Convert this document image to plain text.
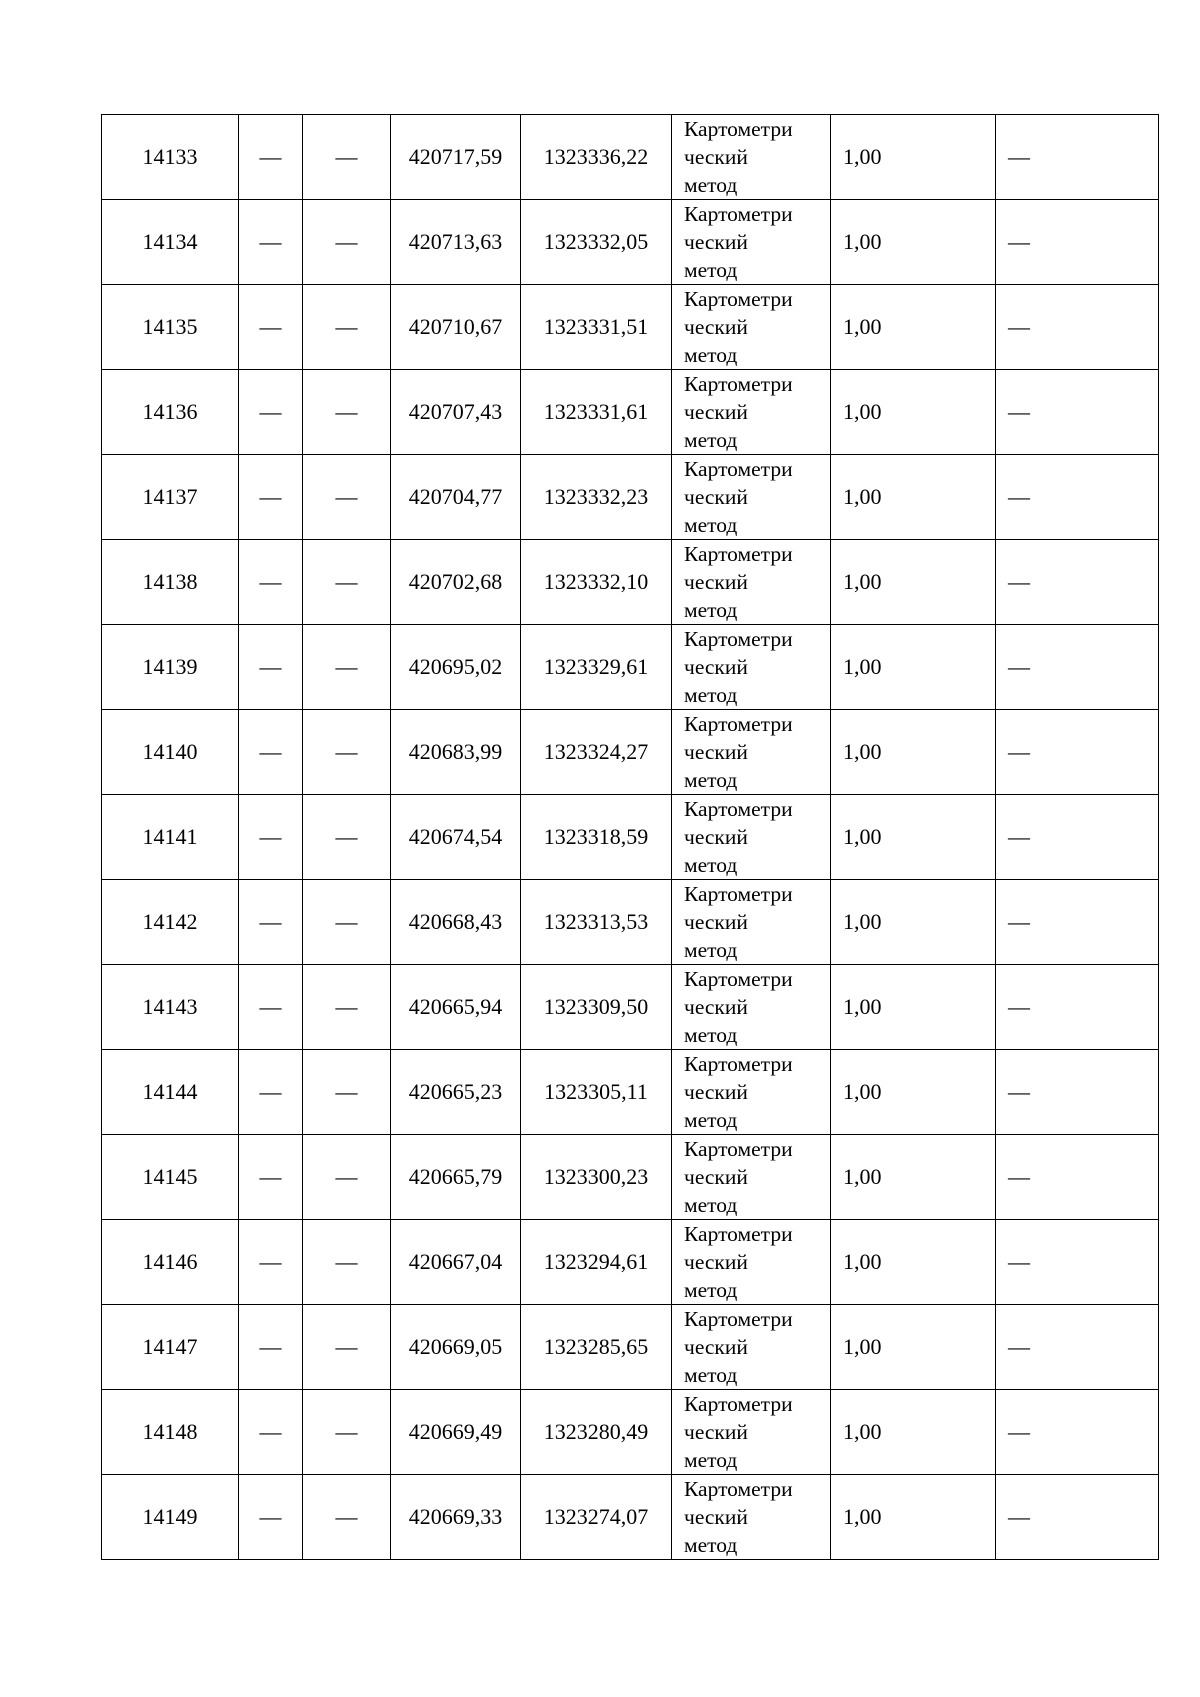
14133	—	—	420717,59	1323336,22	Картометри
ческий
метод	1,00	—
14134	—	—	420713,63	1323332,05	Картометри
ческий
метод	1,00	—
14135	—	—	420710,67	1323331,51	Картометри
ческий
метод	1,00	—
14136	—	—	420707,43	1323331,61	Картометри
ческий
метод	1,00	—
14137	—	—	420704,77	1323332,23	Картометри
ческий
метод	1,00	—
14138	—	—	420702,68	1323332,10	Картометри
ческий
метод	1,00	—
14139	—	—	420695,02	1323329,61	Картометри
ческий
метод	1,00	—
14140	—	—	420683,99	1323324,27	Картометри
ческий
метод	1,00	—
14141	—	—	420674,54	1323318,59	Картометри
ческий
метод	1,00	—
14142	—	—	420668,43	1323313,53	Картометри
ческий
метод	1,00	—
14143	—	—	420665,94	1323309,50	Картометри
ческий
метод	1,00	—
14144	—	—	420665,23	1323305,11	Картометри
ческий
метод	1,00	—
14145	—	—	420665,79	1323300,23	Картометри
ческий
метод	1,00	—
14146	—	—	420667,04	1323294,61	Картометри
ческий
метод	1,00	—
14147	—	—	420669,05	1323285,65	Картометри
ческий
метод	1,00	—
14148	—	—	420669,49	1323280,49	Картометри
ческий
метод	1,00	—
14149	—	—	420669,33	1323274,07	Картометри
ческий
метод	1,00	—
